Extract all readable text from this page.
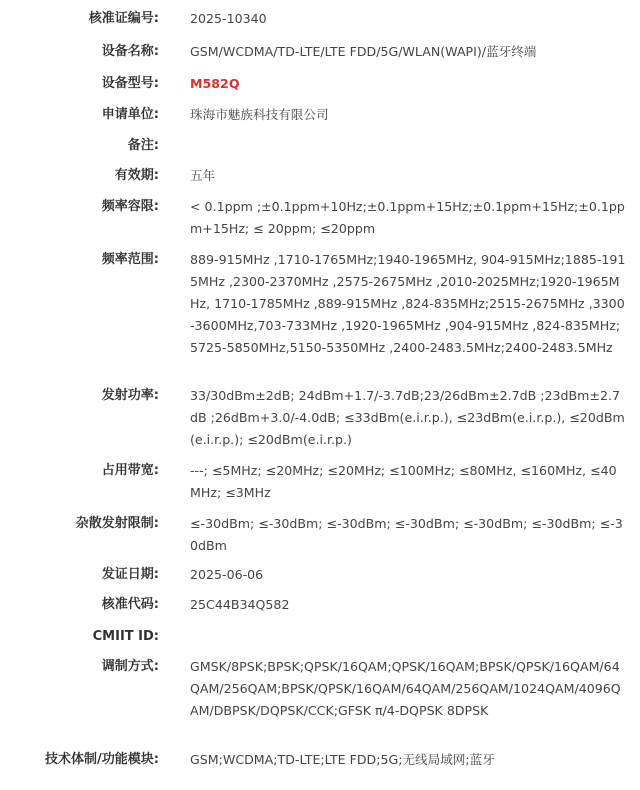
核准证编号: 2025-10340
设备名称: GSM/WCDMA/TD-LTE/LTE FDD/5G/WLAN(WAPI)/蓝牙终端
设备型号: M582Q
申请单位: 珠海市魅族科技有限公司
备注:
有效期: 五年
频率容限: < 0.1ppm ;±0.1ppm+10Hz;±0.1ppm+15Hz;±0.1ppm+15Hz;±0.1ppm+15Hz; ≤ 20ppm; ≤20ppm
频率范围: 889-915MHz ,1710-1765MHz;1940-1965MHz, 904-915MHz;1885-1915MHz ,2300-2370MHz ,2575-2675MHz ,2010-2025MHz;1920-1965MHz, 1710-1785MHz ,889-915MHz ,824-835MHz;2515-2675MHz ,3300-3600MHz,703-733MHz ,1920-1965MHz ,904-915MHz ,824-835MHz;5725-5850MHz,5150-5350MHz ,2400-2483.5MHz;2400-2483.5MHz
发射功率: 33/30dBm±2dB; 24dBm+1.7/-3.7dB;23/26dBm±2.7dB ;23dBm±2.7dB ;26dBm+3.0/-4.0dB; ≤33dBm(e.i.r.p.), ≤23dBm(e.i.r.p.), ≤20dBm(e.i.r.p.); ≤20dBm(e.i.r.p.)
占用带宽: ---; ≤5MHz; ≤20MHz; ≤20MHz; ≤100MHz; ≤80MHz, ≤160MHz, ≤40MHz; ≤3MHz
杂散发射限制: ≤-30dBm; ≤-30dBm; ≤-30dBm; ≤-30dBm; ≤-30dBm; ≤-30dBm; ≤-30dBm
发证日期: 2025-06-06
核准代码: 25C44B34Q582
CMIIT ID:
调制方式: GMSK/8PSK;BPSK;QPSK/16QAM;QPSK/16QAM;BPSK/QPSK/16QAM/64QAM/256QAM;BPSK/QPSK/16QAM/64QAM/256QAM/1024QAM/4096QAM/DBPSK/DQPSK/CCK;GFSK π/4-DQPSK 8DPSK
技术体制/功能模块: GSM;WCDMA;TD-LTE;LTE FDD;5G;无线局域网;蓝牙
